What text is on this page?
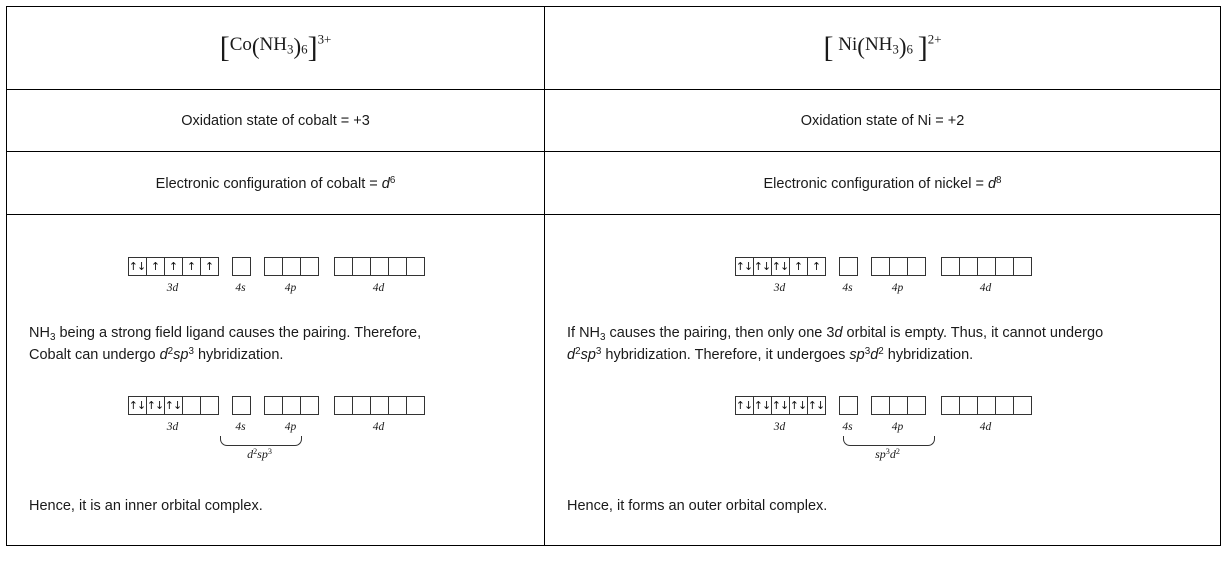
$[Co(NH_3)_6]^{3+}$	[ $Ni(NH_3)_6$ ]$^{2+}$
Oxidation state of cobalt = +3	Oxidation state of Ni = +2
Electronic configuration of cobalt = $d^6$	Electronic configuration of nickel = $d^8$

↑↓ ↑ ↑ ↑ ↑
3d	4s	4p	4d
$NH_3$ being a strong field ligand causes the pairing. Therefore,
Cobalt can undergo $d^2sp^3$ hybridization.
↑↓ ↑↓ ↑↓
3d	4s	4p	4d
$d^2sp^3$
Hence, it is an inner orbital complex.

↑↓ ↑↓ ↑↓ ↑ ↑
3d	4s	4p	4d
If $NH_3$ causes the pairing, then only one 3d orbital is empty. Thus, it cannot undergo
$d^2sp^3$ hybridization. Therefore, it undergoes $sp^3d^2$ hybridization.
↑↓ ↑↓ ↑↓ ↑↓ ↑↓
3d	4s	4p	4d
$sp^3d^2$
Hence, it forms an outer orbital complex.
